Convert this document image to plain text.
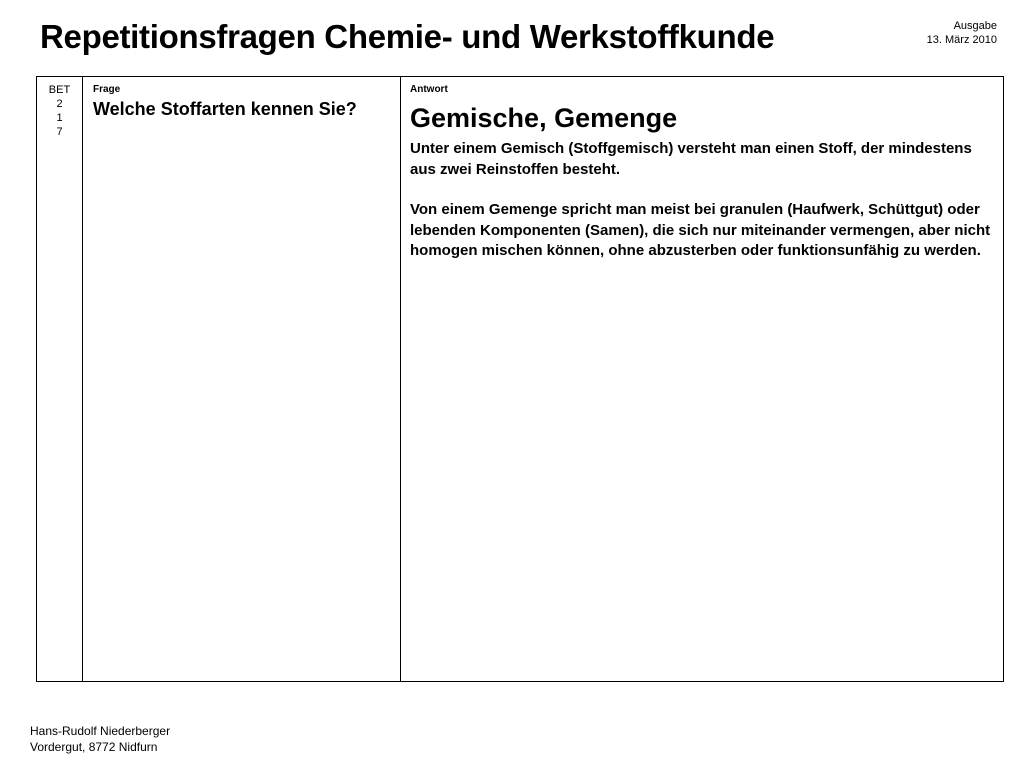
Repetitionsfragen Chemie- und Werkstoffkunde	Ausgabe
13. März 2010
BET
2
1
7
Frage
Welche Stoffarten kennen Sie?
Antwort
Gemische, Gemenge
Unter einem Gemisch (Stoffgemisch) versteht man einen Stoff, der mindestens aus zwei Reinstoffen besteht.
Von einem Gemenge spricht man meist bei granulen (Haufwerk, Schüttgut) oder lebenden Komponenten (Samen), die sich nur miteinander vermengen, aber nicht homogen mischen können, ohne abzusterben oder funktionsunfähig zu werden.
Hans-Rudolf Niederberger
Vordergut, 8772 Nidfurn
